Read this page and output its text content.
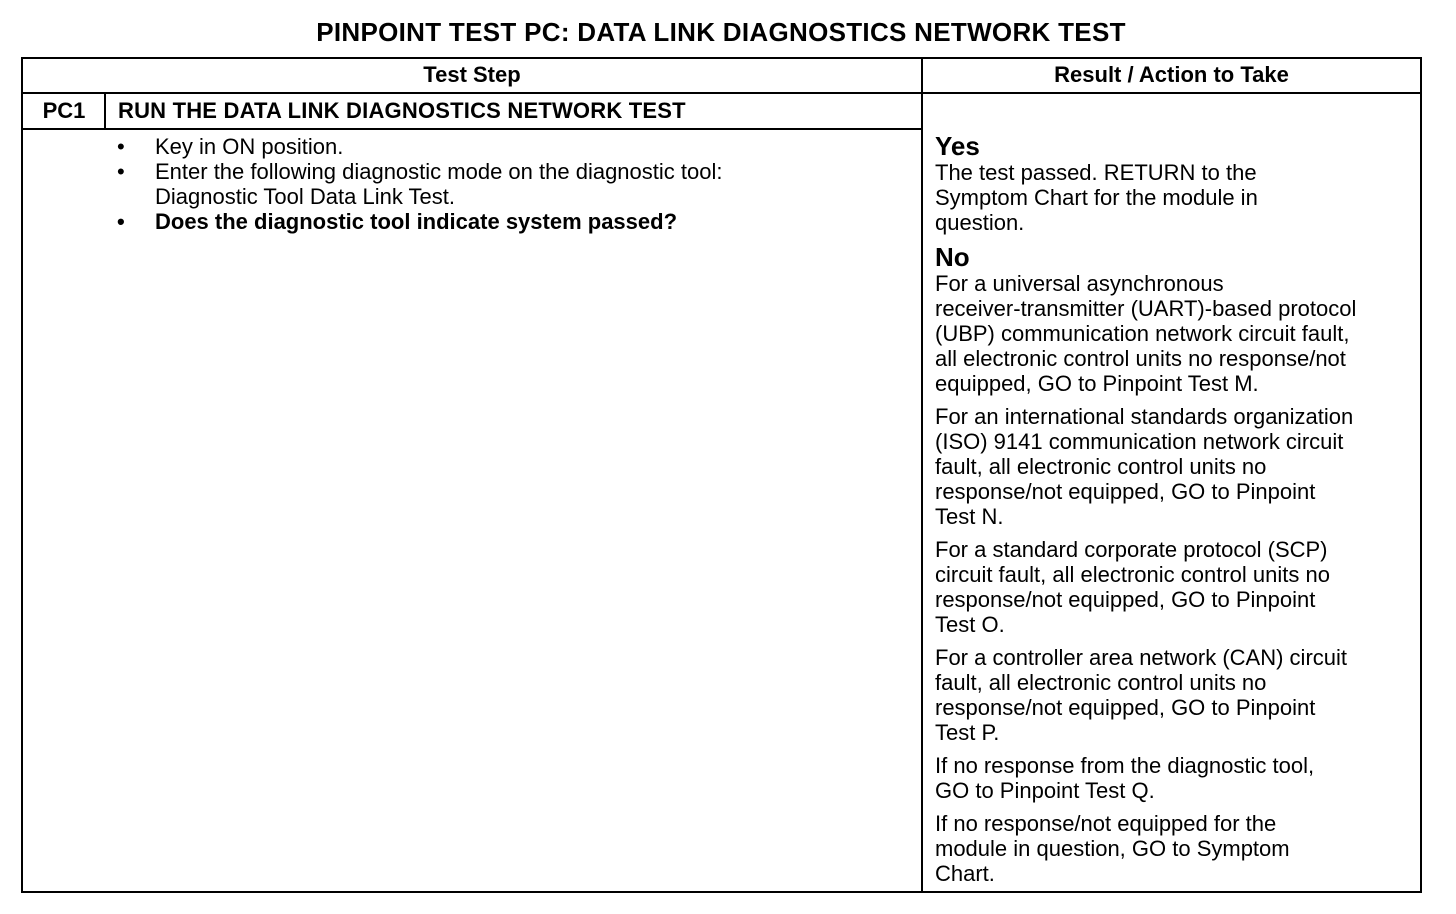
PINPOINT TEST PC: DATA LINK DIAGNOSTICS NETWORK TEST
Test Step	Result / Action to Take
PC1	RUN THE DATA LINK DIAGNOSTICS NETWORK TEST
• Key in ON position.
• Enter the following diagnostic mode on the diagnostic tool:
Diagnostic Tool Data Link Test.
• Does the diagnostic tool indicate system passed?
Yes
The test passed. RETURN to the
Symptom Chart for the module in
question.
No
For a universal asynchronous
receiver-transmitter (UART)-based protocol
(UBP) communication network circuit fault,
all electronic control units no response/not
equipped, GO to Pinpoint Test M.
For an international standards organization
(ISO) 9141 communication network circuit
fault, all electronic control units no
response/not equipped, GO to Pinpoint
Test N.
For a standard corporate protocol (SCP)
circuit fault, all electronic control units no
response/not equipped, GO to Pinpoint
Test O.
For a controller area network (CAN) circuit
fault, all electronic control units no
response/not equipped, GO to Pinpoint
Test P.
If no response from the diagnostic tool,
GO to Pinpoint Test Q.
If no response/not equipped for the
module in question, GO to Symptom
Chart.
